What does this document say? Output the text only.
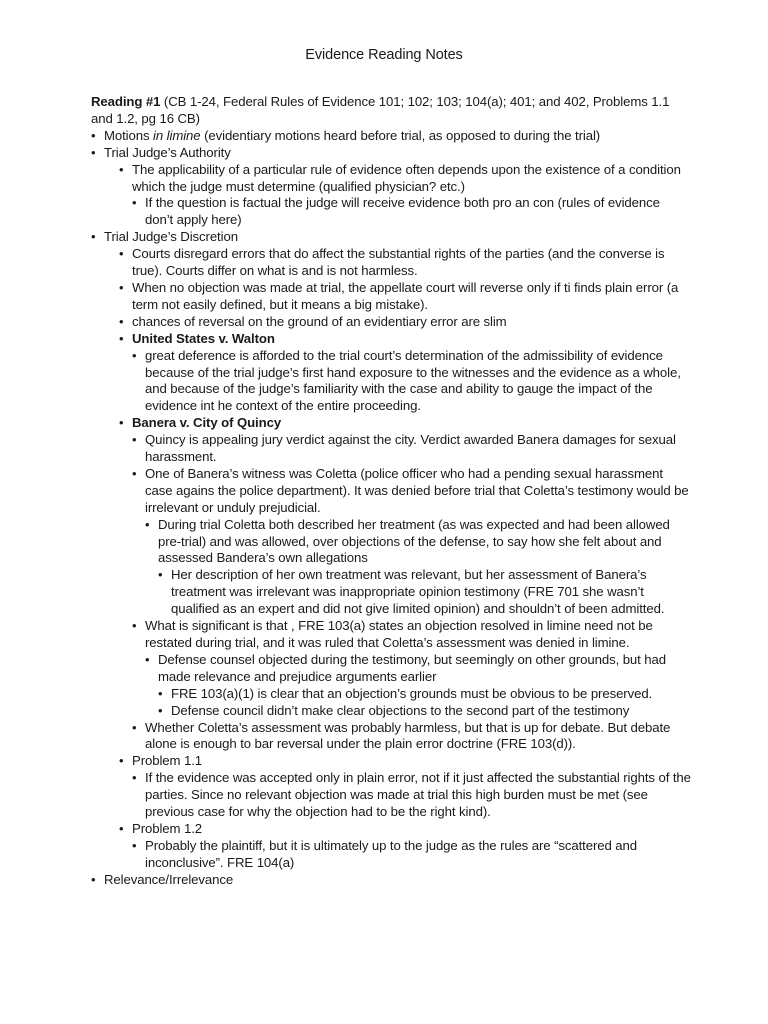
Evidence Reading Notes

Reading #1 (CB 1-24, Federal Rules of Evidence 101; 102; 103; 104(a); 401; and 402, Problems 1.1 and 1.2, pg 16 CB)

• Motions in limine (evidentiary motions heard before trial, as opposed to during the trial)
• Trial Judge’s Authority
• The applicability of a particular rule of evidence often depends upon the existence of a condition which the judge must determine (qualified physician? etc.)
• If the question is factual the judge will receive evidence both pro an con (rules of evidence don’t apply here)
• Trial Judge’s Discretion
• Courts disregard errors that do affect the substantial rights of the parties (and the converse is true). Courts differ on what is and is not harmless.
• When no objection was made at trial, the appellate court will reverse only if ti finds plain error (a term not easily defined, but it means a big mistake).
• chances of reversal on the ground of an evidentiary error are slim
• United States v. Walton
• great deference is afforded to the trial court’s determination of the admissibility of evidence because of the trial judge’s first hand exposure to the witnesses and the evidence as a whole, and because of the judge’s familiarity with the case and ability to gauge the impact of the evidence int he context of the entire proceeding.
• Banera v. City of Quincy
• Quincy is appealing jury verdict against the city. Verdict awarded Banera damages for sexual harassment.
• One of Banera’s witness was Coletta (police officer who had a pending sexual harassment case agains the police department). It was denied before trial that Coletta’s testimony would be irrelevant or unduly prejudicial.
• During trial Coletta both described her treatment (as was expected and had been allowed pre-trial) and was allowed, over objections of the defense, to say how she felt about and assessed Bandera’s own allegations
• Her description of her own treatment was relevant, but her assessment of Banera’s treatment was irrelevant was inappropriate opinion testimony (FRE 701 she wasn’t qualified as an expert and did not give limited opinion) and shouldn’t of been admitted.
• What is significant is that , FRE 103(a) states an objection resolved in limine need not be restated during trial, and it was ruled that Coletta’s assessment was denied in limine.
• Defense counsel objected during the testimony, but seemingly on other grounds, but had made relevance and prejudice arguments earlier
• FRE 103(a)(1) is clear that an objection’s grounds must be obvious to be preserved.
• Defense council didn’t make clear objections to the second part of the testimony
• Whether Coletta’s assessment was probably harmless, but that is up for debate. But debate alone is enough to bar reversal under the plain error doctrine (FRE 103(d)).
• Problem 1.1
• If the evidence was accepted only in plain error, not if it just affected the substantial rights of the parties. Since no relevant objection was made at trial this high burden must be met (see previous case for why the objection had to be the right kind).
• Problem 1.2
• Probably the plaintiff, but it is ultimately up to the judge as the rules are “scattered and inconclusive”. FRE 104(a)
• Relevance/Irrelevance
